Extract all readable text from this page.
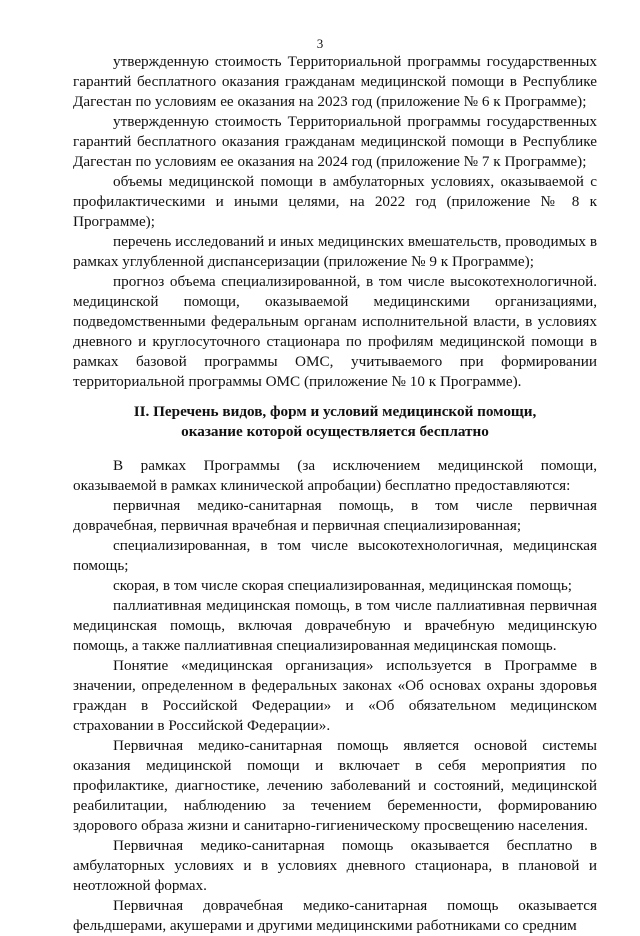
3

утвержденную стоимость Территориальной программы государственных гарантий бесплатного оказания гражданам медицинской помощи в Республике Дагестан по условиям ее оказания на 2023 год (приложение № 6 к Программе);

утвержденную стоимость Территориальной программы государственных гарантий бесплатного оказания гражданам медицинской помощи в Республике Дагестан по условиям ее оказания на 2024 год (приложение № 7 к Программе);

объемы медицинской помощи в амбулаторных условиях, оказываемой с профилактическими и иными целями, на 2022 год (приложение № 8 к Программе);

перечень исследований и иных медицинских вмешательств, проводимых в рамках углубленной диспансеризации (приложение № 9 к Программе);

прогноз объема специализированной, в том числе высокотехнологичной. медицинской помощи, оказываемой медицинскими организациями, подведомственными федеральным органам исполнительной власти, в условиях дневного и круглосуточного стационара по профилям медицинской помощи в рамках базовой программы ОМС, учитываемого при формировании территориальной программы ОМС (приложение № 10 к Программе).

II. Перечень видов, форм и условий медицинской помощи,
оказание которой осуществляется бесплатно

В рамках Программы (за исключением медицинской помощи, оказываемой в рамках клинической апробации) бесплатно предоставляются:

первичная медико-санитарная помощь, в том числе первичная доврачебная, первичная врачебная и первичная специализированная;

специализированная, в том числе высокотехнологичная, медицинская помощь;

скорая, в том числе скорая специализированная, медицинская помощь;

паллиативная медицинская помощь, в том числе паллиативная первичная медицинская помощь, включая доврачебную и врачебную медицинскую помощь, а также паллиативная специализированная медицинская помощь.

Понятие «медицинская организация» используется в Программе в значении, определенном в федеральных законах «Об основах охраны здоровья граждан в Российской Федерации» и «Об обязательном медицинском страховании в Российской Федерации».

Первичная медико-санитарная помощь является основой системы оказания медицинской помощи и включает в себя мероприятия по профилактике, диагностике, лечению заболеваний и состояний, медицинской реабилитации, наблюдению за течением беременности, формированию здорового образа жизни и санитарно-гигиеническому просвещению населения.

Первичная медико-санитарная помощь оказывается бесплатно в амбулаторных условиях и в условиях дневного стационара, в плановой и неотложной формах.

Первичная доврачебная медико-санитарная помощь оказывается фельдшерами, акушерами и другими медицинскими работниками со средним
